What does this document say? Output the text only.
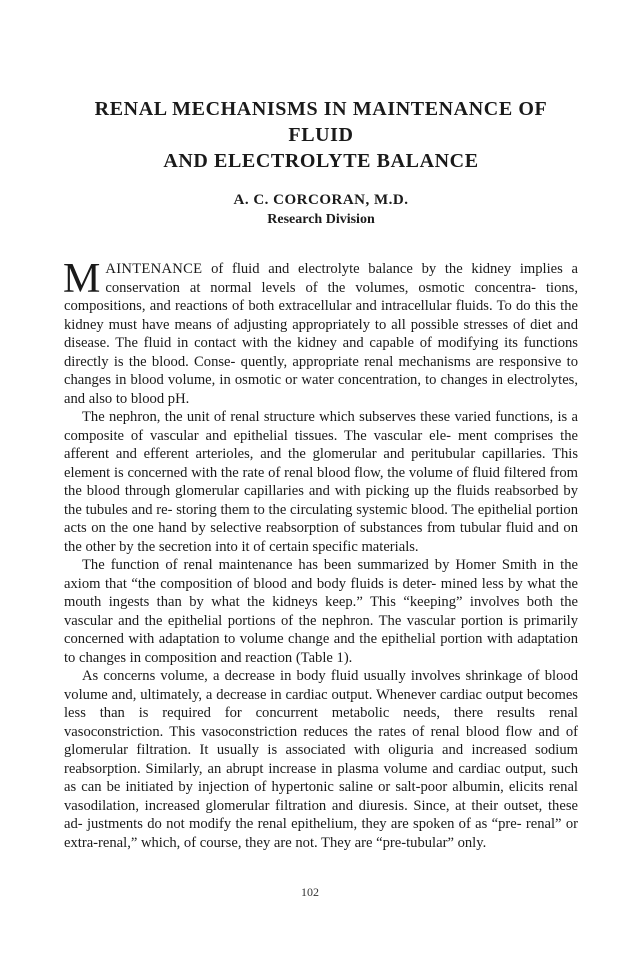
RENAL MECHANISMS IN MAINTENANCE OF FLUID
AND ELECTROLYTE BALANCE

A. C. CORCORAN, M.D.

Research Division

MAINTENANCE of fluid and electrolyte balance by the kidney implies a conservation at normal levels of the volumes, osmotic concentra- tions, compositions, and reactions of both extracellular and intracellular fluids. To do this the kidney must have means of adjusting appropriately to all possible stresses of diet and disease. The fluid in contact with the kidney and capable of modifying its functions directly is the blood. Conse- quently, appropriate renal mechanisms are responsive to changes in blood volume, in osmotic or water concentration, to changes in electrolytes, and also to blood pH.

The nephron, the unit of renal structure which subserves these varied functions, is a composite of vascular and epithelial tissues. The vascular ele- ment comprises the afferent and efferent arterioles, and the glomerular and peritubular capillaries. This element is concerned with the rate of renal blood flow, the volume of fluid filtered from the blood through glomerular capillaries and with picking up the fluids reabsorbed by the tubules and re- storing them to the circulating systemic blood. The epithelial portion acts on the one hand by selective reabsorption of substances from tubular fluid and on the other by the secretion into it of certain specific materials.

The function of renal maintenance has been summarized by Homer Smith in the axiom that “the composition of blood and body fluids is deter- mined less by what the mouth ingests than by what the kidneys keep.” This “keeping” involves both the vascular and the epithelial portions of the nephron. The vascular portion is primarily concerned with adaptation to volume change and the epithelial portion with adaptation to changes in composition and reaction (Table 1).

As concerns volume, a decrease in body fluid usually involves shrinkage of blood volume and, ultimately, a decrease in cardiac output. Whenever cardiac output becomes less than is required for concurrent metabolic needs, there results renal vasoconstriction. This vasoconstriction reduces the rates of renal blood flow and of glomerular filtration. It usually is associated with oliguria and increased sodium reabsorption. Similarly, an abrupt increase in plasma volume and cardiac output, such as can be initiated by injection of hypertonic saline or salt-poor albumin, elicits renal vasodilation, increased glomerular filtration and diuresis. Since, at their outset, these ad- justments do not modify the renal epithelium, they are spoken of as “pre- renal” or extra-renal,” which, of course, they are not. They are “pre-tubular” only.

102
